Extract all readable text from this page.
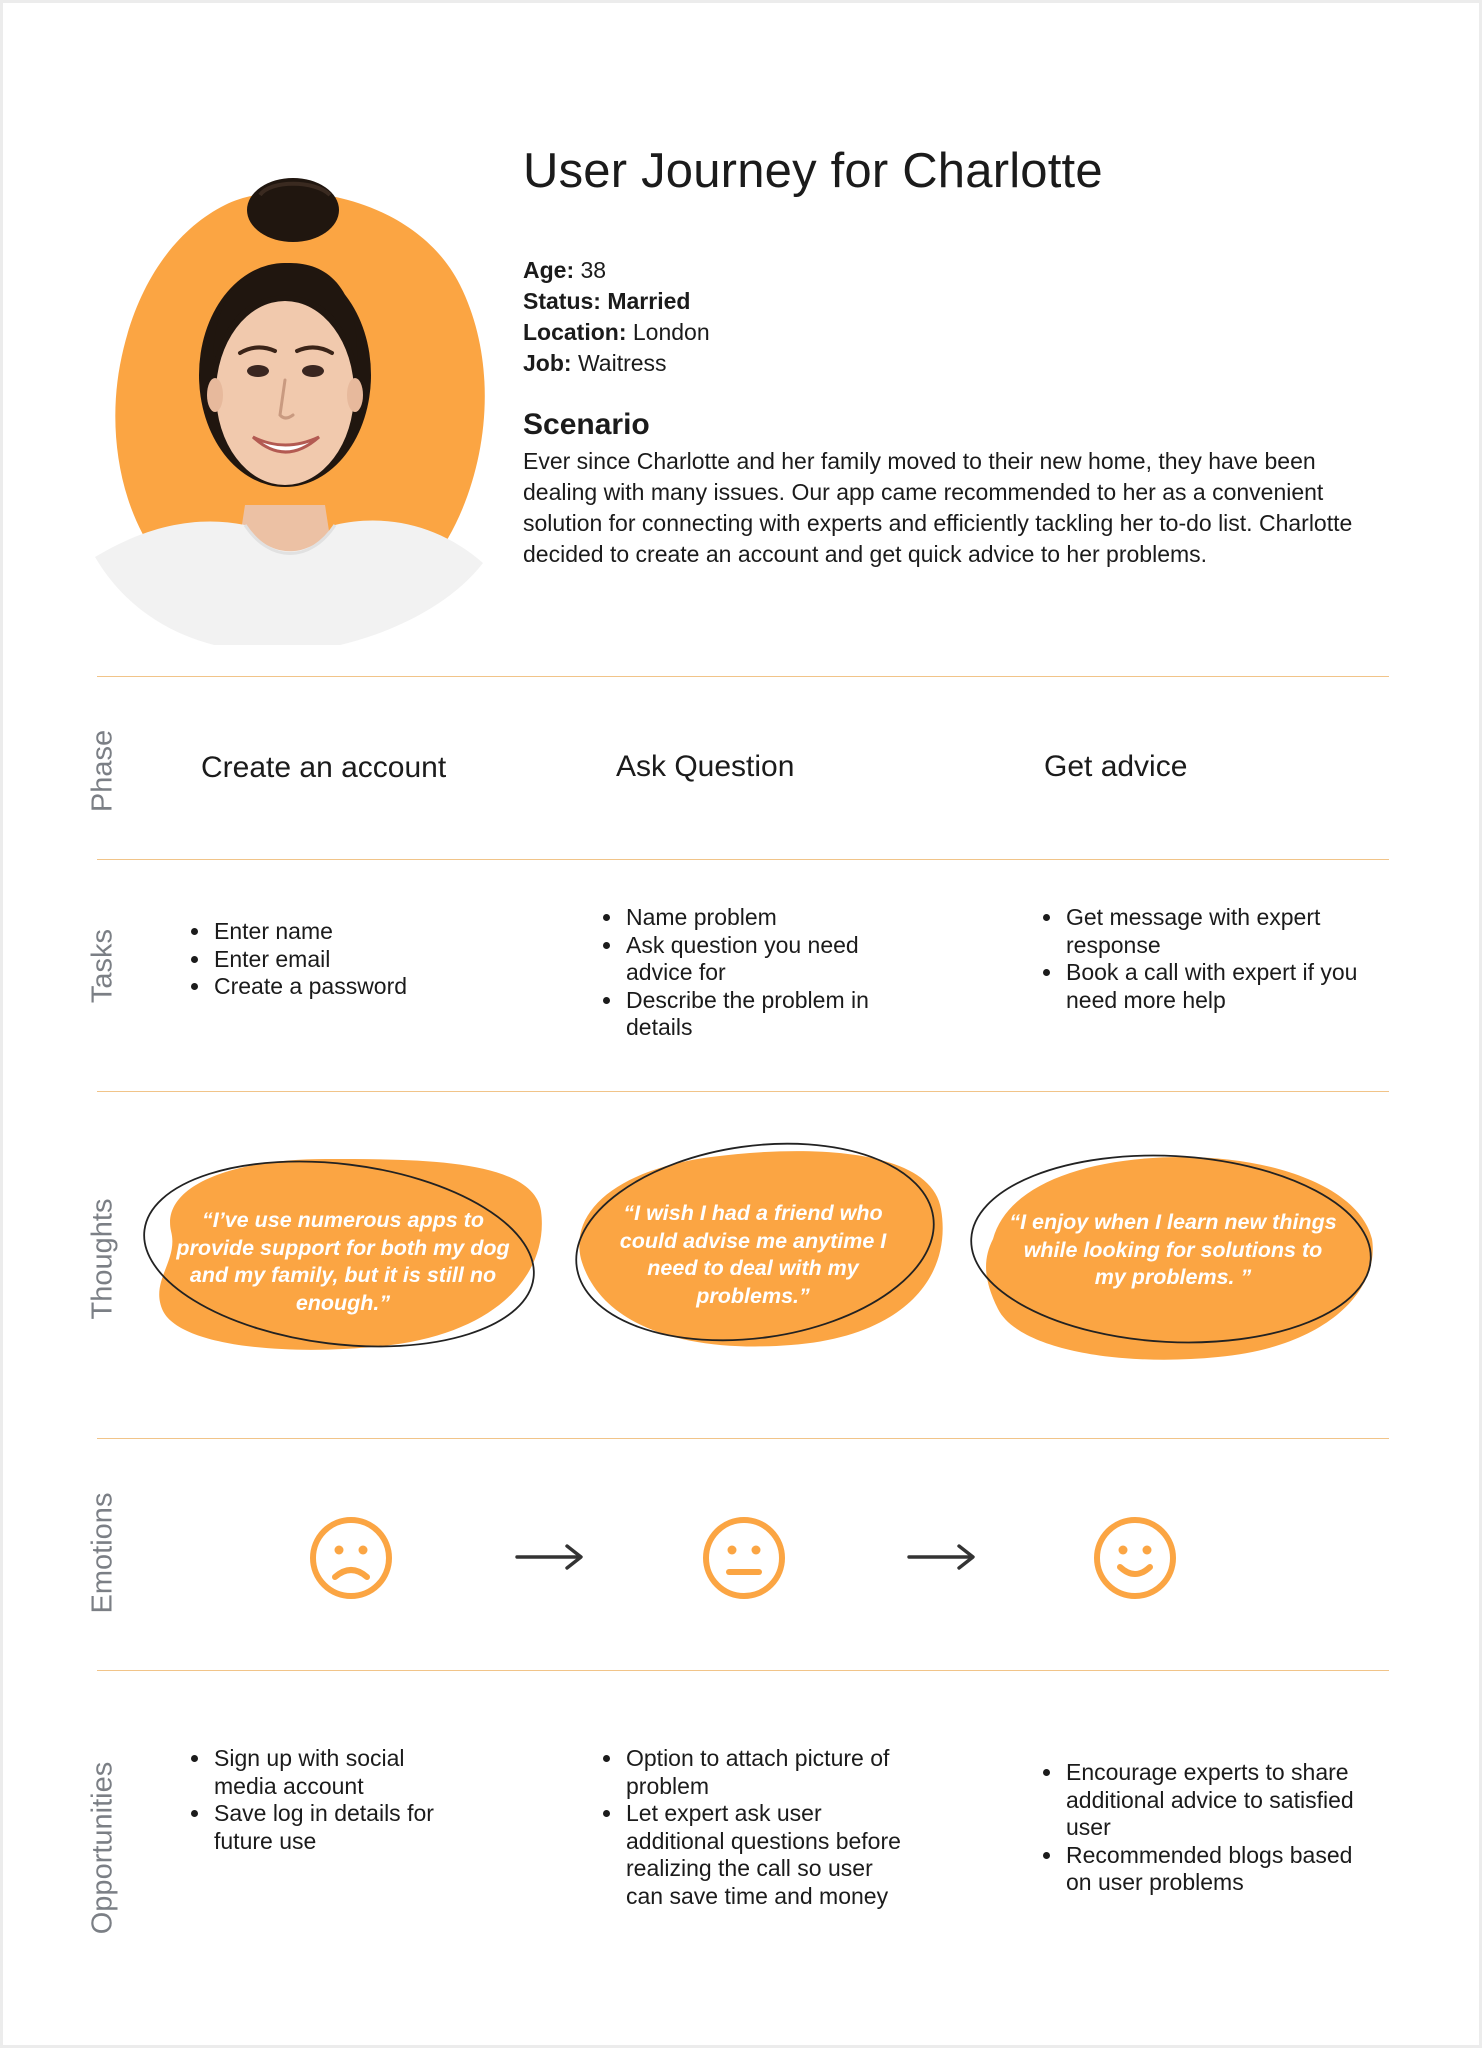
User Journey for Charlotte
Age: 38
Status: Married
Location: London
Job: Waitress
Scenario

Ever since Charlotte and her family moved to their new home, they have been dealing with many issues. Our app came recommended to her as a convenient solution for connecting with experts and efficiently tackling her to-do list. Charlotte decided to create an account and get quick advice to her problems.

Phase
Tasks
Thoughts
Emotions
Opportunities
Create an account	Ask Question	Get advice
• Enter name
• Enter email
• Create a password
• Name problem
• Ask question you need advice for
• Describe the problem in details
• Get message with expert response
• Book a call with expert if you need more help
“I’ve use numerous apps to provide support for both my dog and my family, but it is still no enough.”
“I wish I had a friend who could advise me anytime I need to deal with my problems.”
“I enjoy when I learn new things while looking for solutions to my problems. ”
• Sign up with social media account
• Save log in details for future use
• Option to attach picture of problem
• Let expert ask user additional questions before realizing the call so user can save time and money
• Encourage experts to share additional advice to satisfied user
• Recommended blogs based on user problems
